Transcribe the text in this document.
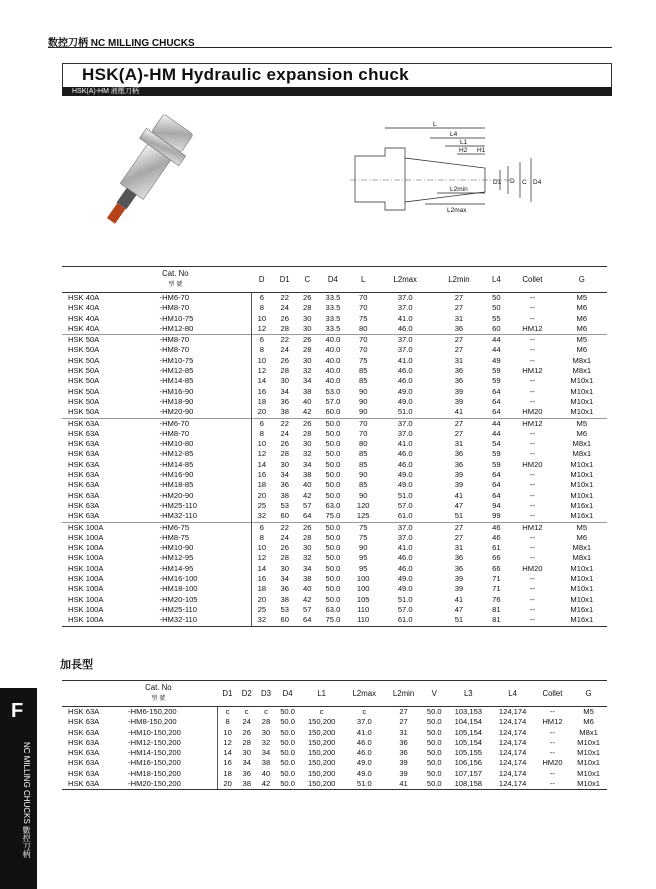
数控刀柄 NC MILLING CHUCKS
HSK(A)-HM Hydraulic expansion chuck
HSK(A)-HM 液壓刀柄
L
L4
L1
H2 H1
D1 D C D4
L2min
L2max
Cat. No
型 號		D	D1	C	D4	L	L2max	L2min	L4	Collet	G
HSK 40A	-HM6-70	6	22	26	33.5	70	37.0	27	50	--	M5
HSK 40A	-HM8-70	8	24	28	33.5	70	37.0	27	50	--	M6
HSK 40A	-HM10-75	10	26	30	33.5	75	41.0	31	55	--	M6
HSK 40A	-HM12-80	12	28	30	33.5	80	46.0	36	60	HM12	M6
HSK 50A	-HM8-70	6	22	26	40.0	70	37.0	27	44	--	M5
HSK 50A	-HM8-70	8	24	28	40.0	70	37.0	27	44	--	M6
HSK 50A	-HM10-75	10	26	30	40.0	75	41.0	31	49	--	M8x1
HSK 50A	-HM12-85	12	28	32	40.0	85	46.0	36	59	HM12	M8x1
HSK 50A	-HM14-85	14	30	34	40.0	85	46.0	36	59	--	M10x1
HSK 50A	-HM16-90	16	34	38	53.0	90	49.0	39	64	--	M10x1
HSK 50A	-HM18-90	18	36	40	57.0	90	49.0	39	64	--	M10x1
HSK 50A	-HM20-90	20	38	42	60.0	90	51.0	41	64	HM20	M10x1
HSK 63A	-HM6-70	6	22	26	50.0	70	37.0	27	44	HM12	M5
HSK 63A	-HM8-70	8	24	28	50.0	70	37.0	27	44	--	M6
HSK 63A	-HM10-80	10	26	30	50.0	80	41.0	31	54	--	M8x1
HSK 63A	-HM12-85	12	28	32	50.0	85	46.0	36	59	--	M8x1
HSK 63A	-HM14-85	14	30	34	50.0	85	46.0	36	59	HM20	M10x1
HSK 63A	-HM16-90	16	34	38	50.0	90	49.0	39	64	--	M10x1
HSK 63A	-HM18-85	18	36	40	50.0	85	49.0	39	64	--	M10x1
HSK 63A	-HM20-90	20	38	42	50.0	90	51.0	41	64	--	M10x1
HSK 63A	-HM25-110	25	53	57	63.0	120	57.0	47	94	--	M16x1
HSK 63A	-HM32-110	32	60	64	75.0	125	61.0	51	99	--	M16x1
HSK 100A	-HM6-75	6	22	26	50.0	75	37.0	27	46	HM12	M5
HSK 100A	-HM8-75	8	24	28	50.0	75	37.0	27	46	--	M6
HSK 100A	-HM10-90	10	26	30	50.0	90	41.0	31	61	--	M8x1
HSK 100A	-HM12-95	12	28	32	50.0	95	46.0	36	66	--	M8x1
HSK 100A	-HM14-95	14	30	34	50.0	95	46.0	36	66	HM20	M10x1
HSK 100A	-HM16-100	16	34	38	50.0	100	49.0	39	71	--	M10x1
HSK 100A	-HM18-100	18	36	40	50.0	100	49.0	39	71	--	M10x1
HSK 100A	-HM20-105	20	38	42	50.0	105	51.0	41	76	--	M10x1
HSK 100A	-HM25-110	25	53	57	63.0	110	57.0	47	81	--	M16x1
HSK 100A	-HM32-110	32	60	64	75.0	110	61.0	51	81	--	M16x1
加長型
Cat. No
型 號		D1	D2	D3	D4	L1	L2max	L2min	V	L3	L4	Collet	G
HSK 63A	-HM6-150,200	c	c	c	50.0	c	c	27	50.0	103,153	124,174	--	M5
HSK 63A	-HM8-150,200	8	24	28	50.0	150,200	37.0	27	50.0	104,154	124,174	HM12	M6
HSK 63A	-HM10-150,200	10	26	30	50.0	150,200	41.0	31	50.0	105,154	124,174	--	M8x1
HSK 63A	-HM12-150,200	12	28	32	50.0	150,200	46.0	36	50.0	105,154	124,174	--	M10x1
HSK 63A	-HM14-150,200	14	30	34	50.0	150,200	46.0	36	50.0	105,155	124,174	--	M10x1
HSK 63A	-HM16-150,200	16	34	38	50.0	150,200	49.0	39	50.0	106,156	124,174	HM20	M10x1
HSK 63A	-HM18-150,200	18	36	40	50.0	150,200	49.0	39	50.0	107,157	124,174	--	M10x1
HSK 63A	-HM20-150,200	20	38	42	50.0	150,200	51.0	41	50.0	108,158	124,174	--	M10x1
F
NC MILLING CHUCKS 數控刀柄
F27
